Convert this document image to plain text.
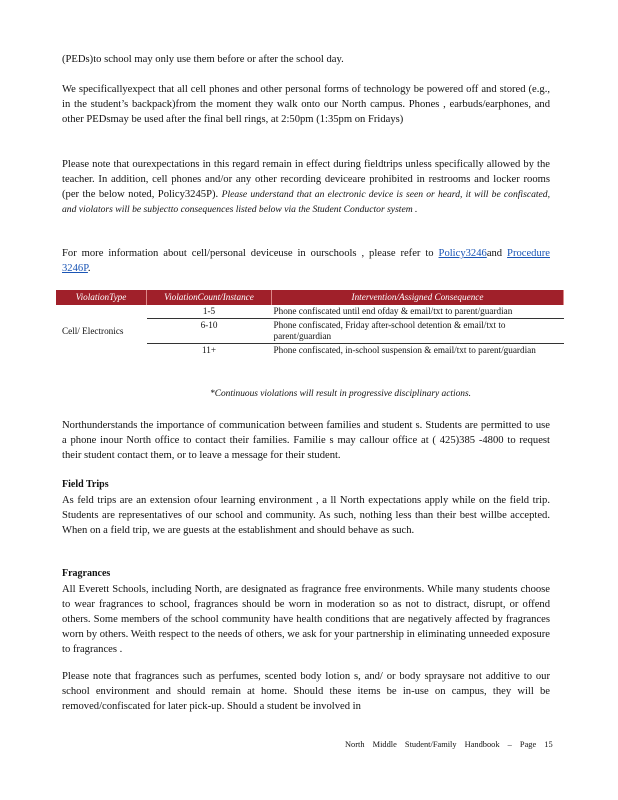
(PEDs)to school may only use them before or after the school day.
We specificallyexpect that all cell phones and other personal forms of technology be powered off and stored (e.g., in the student’s backpack)from the moment they walk onto our North campus. Phones , earbuds/earphones, and other PEDsmay be used after the final bell rings, at 2:50pm (1:35pm on Fridays)
Please note that ourexpectations in this regard remain in effect during fieldtrips unless specifically allowed by the teacher. In addition, cell phones and/or any other recording deviceare prohibited in restrooms and locker rooms (per the below noted, Policy3245P). Please understand that an electronic device is seen or heard, it will be confiscated, and violators will be subjectto consequences listed below via the Student Conductor system .
For more information about cell/personal deviceuse in ourschools , please refer to Policy3246and Procedure 3246P.
ViolationType	ViolationCount/Instance	Intervention/Assigned Consequence
Cell/ Electronics	1-5	Phone confiscated until end ofday & email/txt to parent/guardian
	6-10	Phone confiscated, Friday after-school detention & email/txt to parent/guardian
	11+	Phone confiscated, in-school suspension & email/txt to parent/guardian
*Continuous violations will result in progressive disciplinary actions.
Northunderstands the importance of communication between families and student s. Students are permitted to use a phone inour North office to contact their families. Familie s may callour office at ( 425)385 -4800 to request their student contact them, or to leave a message for their student.
Field Trips
As feld trips are an extension ofour learning environment , a ll North expectations apply while on the field trip. Students are representatives of our school and community. As such, nothing less than their best willbe accepted. When on a field trip, we are guests at the establishment and should behave as such.
Fragrances
All Everett Schools, including North, are designated as fragrance free environments. While many students choose to wear fragrances to school, fragrances should be worn in moderation so as not to distract, disrupt, or offend others. Some members of the school community have health conditions that are negatively affected by fragrances worn by others. Weith respect to the needs of others, we ask for your partnership in eliminating unneeded exposure to fragrances .
Please note that fragrances such as perfumes, scented body lotion s, and/ or body spraysare not additive to our school environment and should remain at home. Should these items be in-use on campus, they will be removed/confiscated for later pick-up. Should a student be involved in
North Middle Student/Family Handbook – Page 15
